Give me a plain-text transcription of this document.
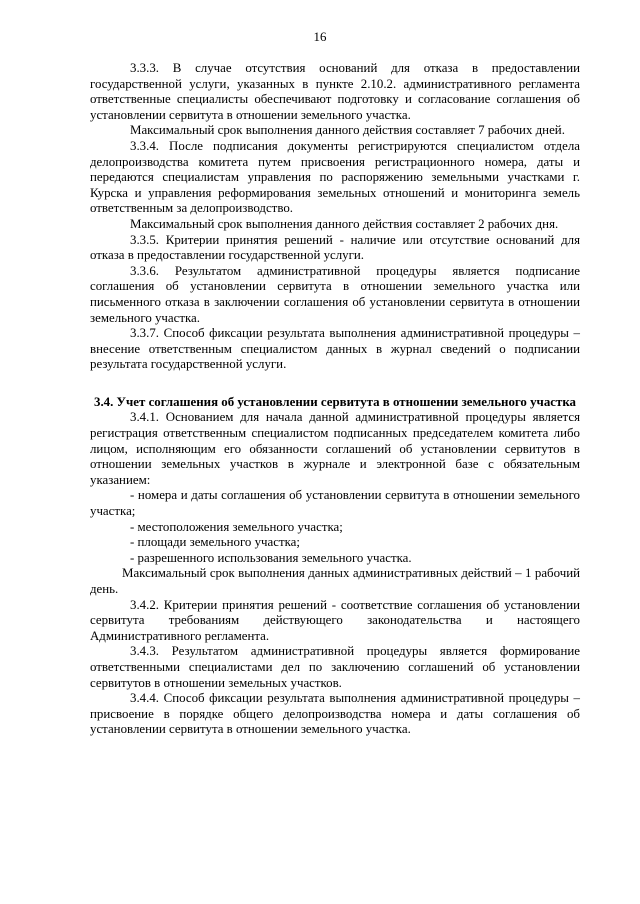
16

3.3.3. В случае отсутствия оснований для отказа в предоставлении государственной услуги, указанных в пункте 2.10.2. административного регламента ответственные специалисты обеспечивают подготовку и согласование соглашения об установлении сервитута в отношении земельного участка.

Максимальный срок выполнения данного действия составляет 7 рабочих дней.

3.3.4. После подписания документы регистрируются специалистом отдела делопроизводства комитета путем присвоения регистрационного номера, даты и передаются специалистам управления по распоряжению земельными участками г. Курска и управления реформирования земельных отношений и мониторинга земель ответственным за делопроизводство.

Максимальный срок выполнения данного действия составляет 2 рабочих дня.

3.3.5. Критерии принятия решений - наличие или отсутствие оснований для отказа в предоставлении государственной услуги.

3.3.6. Результатом административной процедуры является подписание соглашения об установлении сервитута в отношении земельного участка или письменного отказа в заключении соглашения об установлении сервитута в отношении земельного участка.

3.3.7. Способ фиксации результата выполнения административной процедуры – внесение ответственным специалистом данных в журнал сведений о подписании результата государственной услуги.

3.4. Учет соглашения об установлении сервитута в отношении земельного участка

3.4.1. Основанием для начала данной административной процедуры является регистрация ответственным специалистом подписанных председателем комитета либо лицом, исполняющим его обязанности соглашений об установлении сервитутов в отношении земельных участков в журнале и электронной базе с обязательным указанием:

- номера и даты соглашения об установлении сервитута в отношении земельного участка;

- местоположения земельного участка;

- площади земельного участка;

- разрешенного использования земельного участка.

Максимальный срок выполнения данных административных действий – 1 рабочий день.

3.4.2. Критерии принятия решений - соответствие соглашения об установлении сервитута требованиям действующего законодательства и настоящего Административного регламента.

3.4.3. Результатом административной процедуры является формирование ответственными специалистами дел по заключению соглашений об установлении сервитутов в отношении земельных участков.

3.4.4. Способ фиксации результата выполнения административной процедуры – присвоение в порядке общего делопроизводства номера и даты соглашения об установлении сервитута в отношении земельного участка.
